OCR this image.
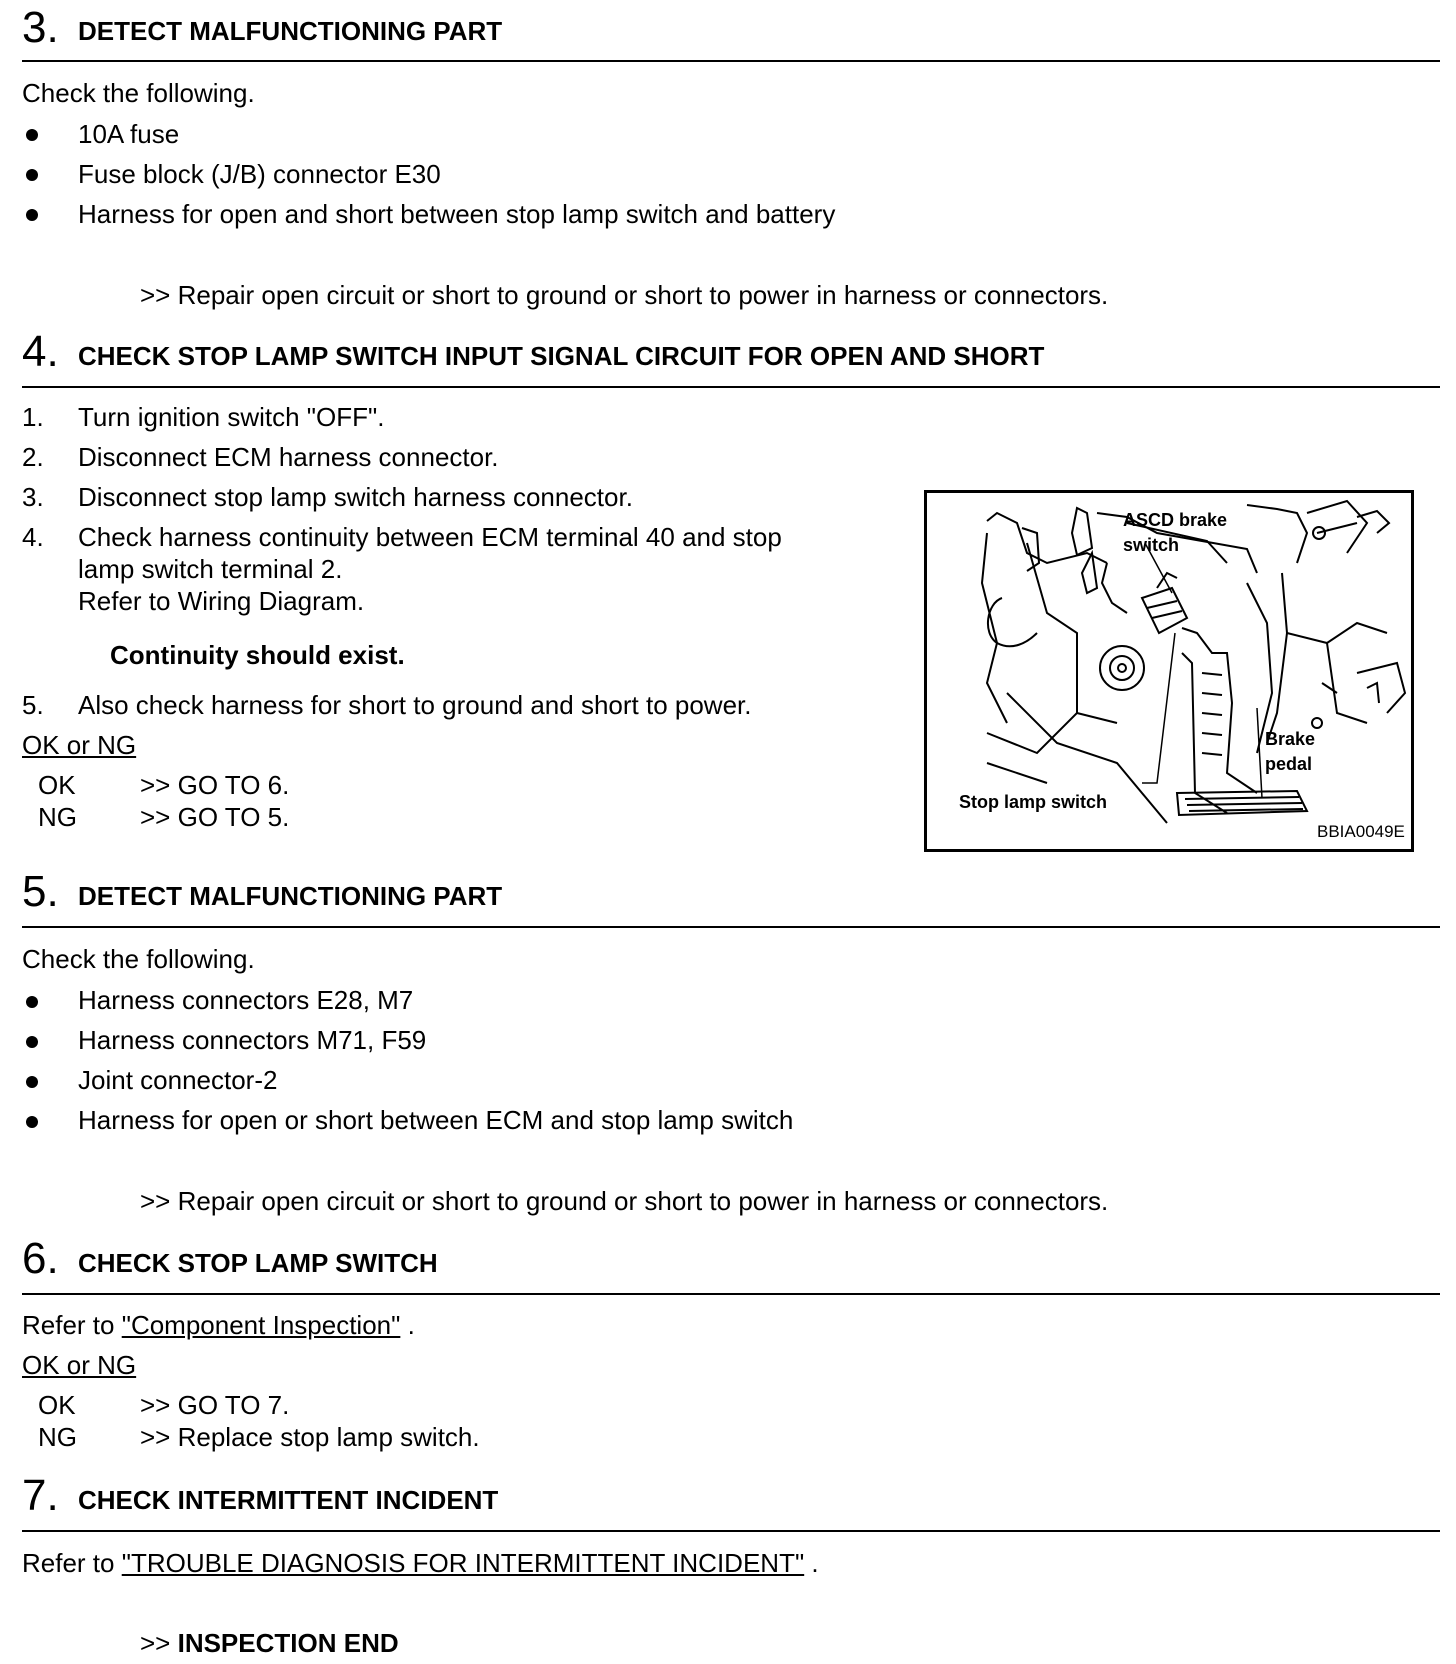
3. DETECT MALFUNCTIONING PART
Check the following.
10A fuse
Fuse block (J/B) connector E30
Harness for open and short between stop lamp switch and battery
>> Repair open circuit or short to ground or short to power in harness or connectors.
4. CHECK STOP LAMP SWITCH INPUT SIGNAL CIRCUIT FOR OPEN AND SHORT
1. Turn ignition switch "OFF".
2. Disconnect ECM harness connector.
3. Disconnect stop lamp switch harness connector.
4. Check harness continuity between ECM terminal 40 and stop
lamp switch terminal 2.
Refer to Wiring Diagram.
Continuity should exist.
5. Also check harness for short to ground and short to power.
OK or NG
OK >> GO TO 6.
NG >> GO TO 5.
ASCD brake
switch
Brake
pedal
Stop lamp switch
BBIA0049E
5. DETECT MALFUNCTIONING PART
Check the following.
Harness connectors E28, M7
Harness connectors M71, F59
Joint connector-2
Harness for open or short between ECM and stop lamp switch
>> Repair open circuit or short to ground or short to power in harness or connectors.
6. CHECK STOP LAMP SWITCH
Refer to "Component Inspection" .
OK or NG
OK >> GO TO 7.
NG >> Replace stop lamp switch.
7. CHECK INTERMITTENT INCIDENT
Refer to "TROUBLE DIAGNOSIS FOR INTERMITTENT INCIDENT" .
>> INSPECTION END
